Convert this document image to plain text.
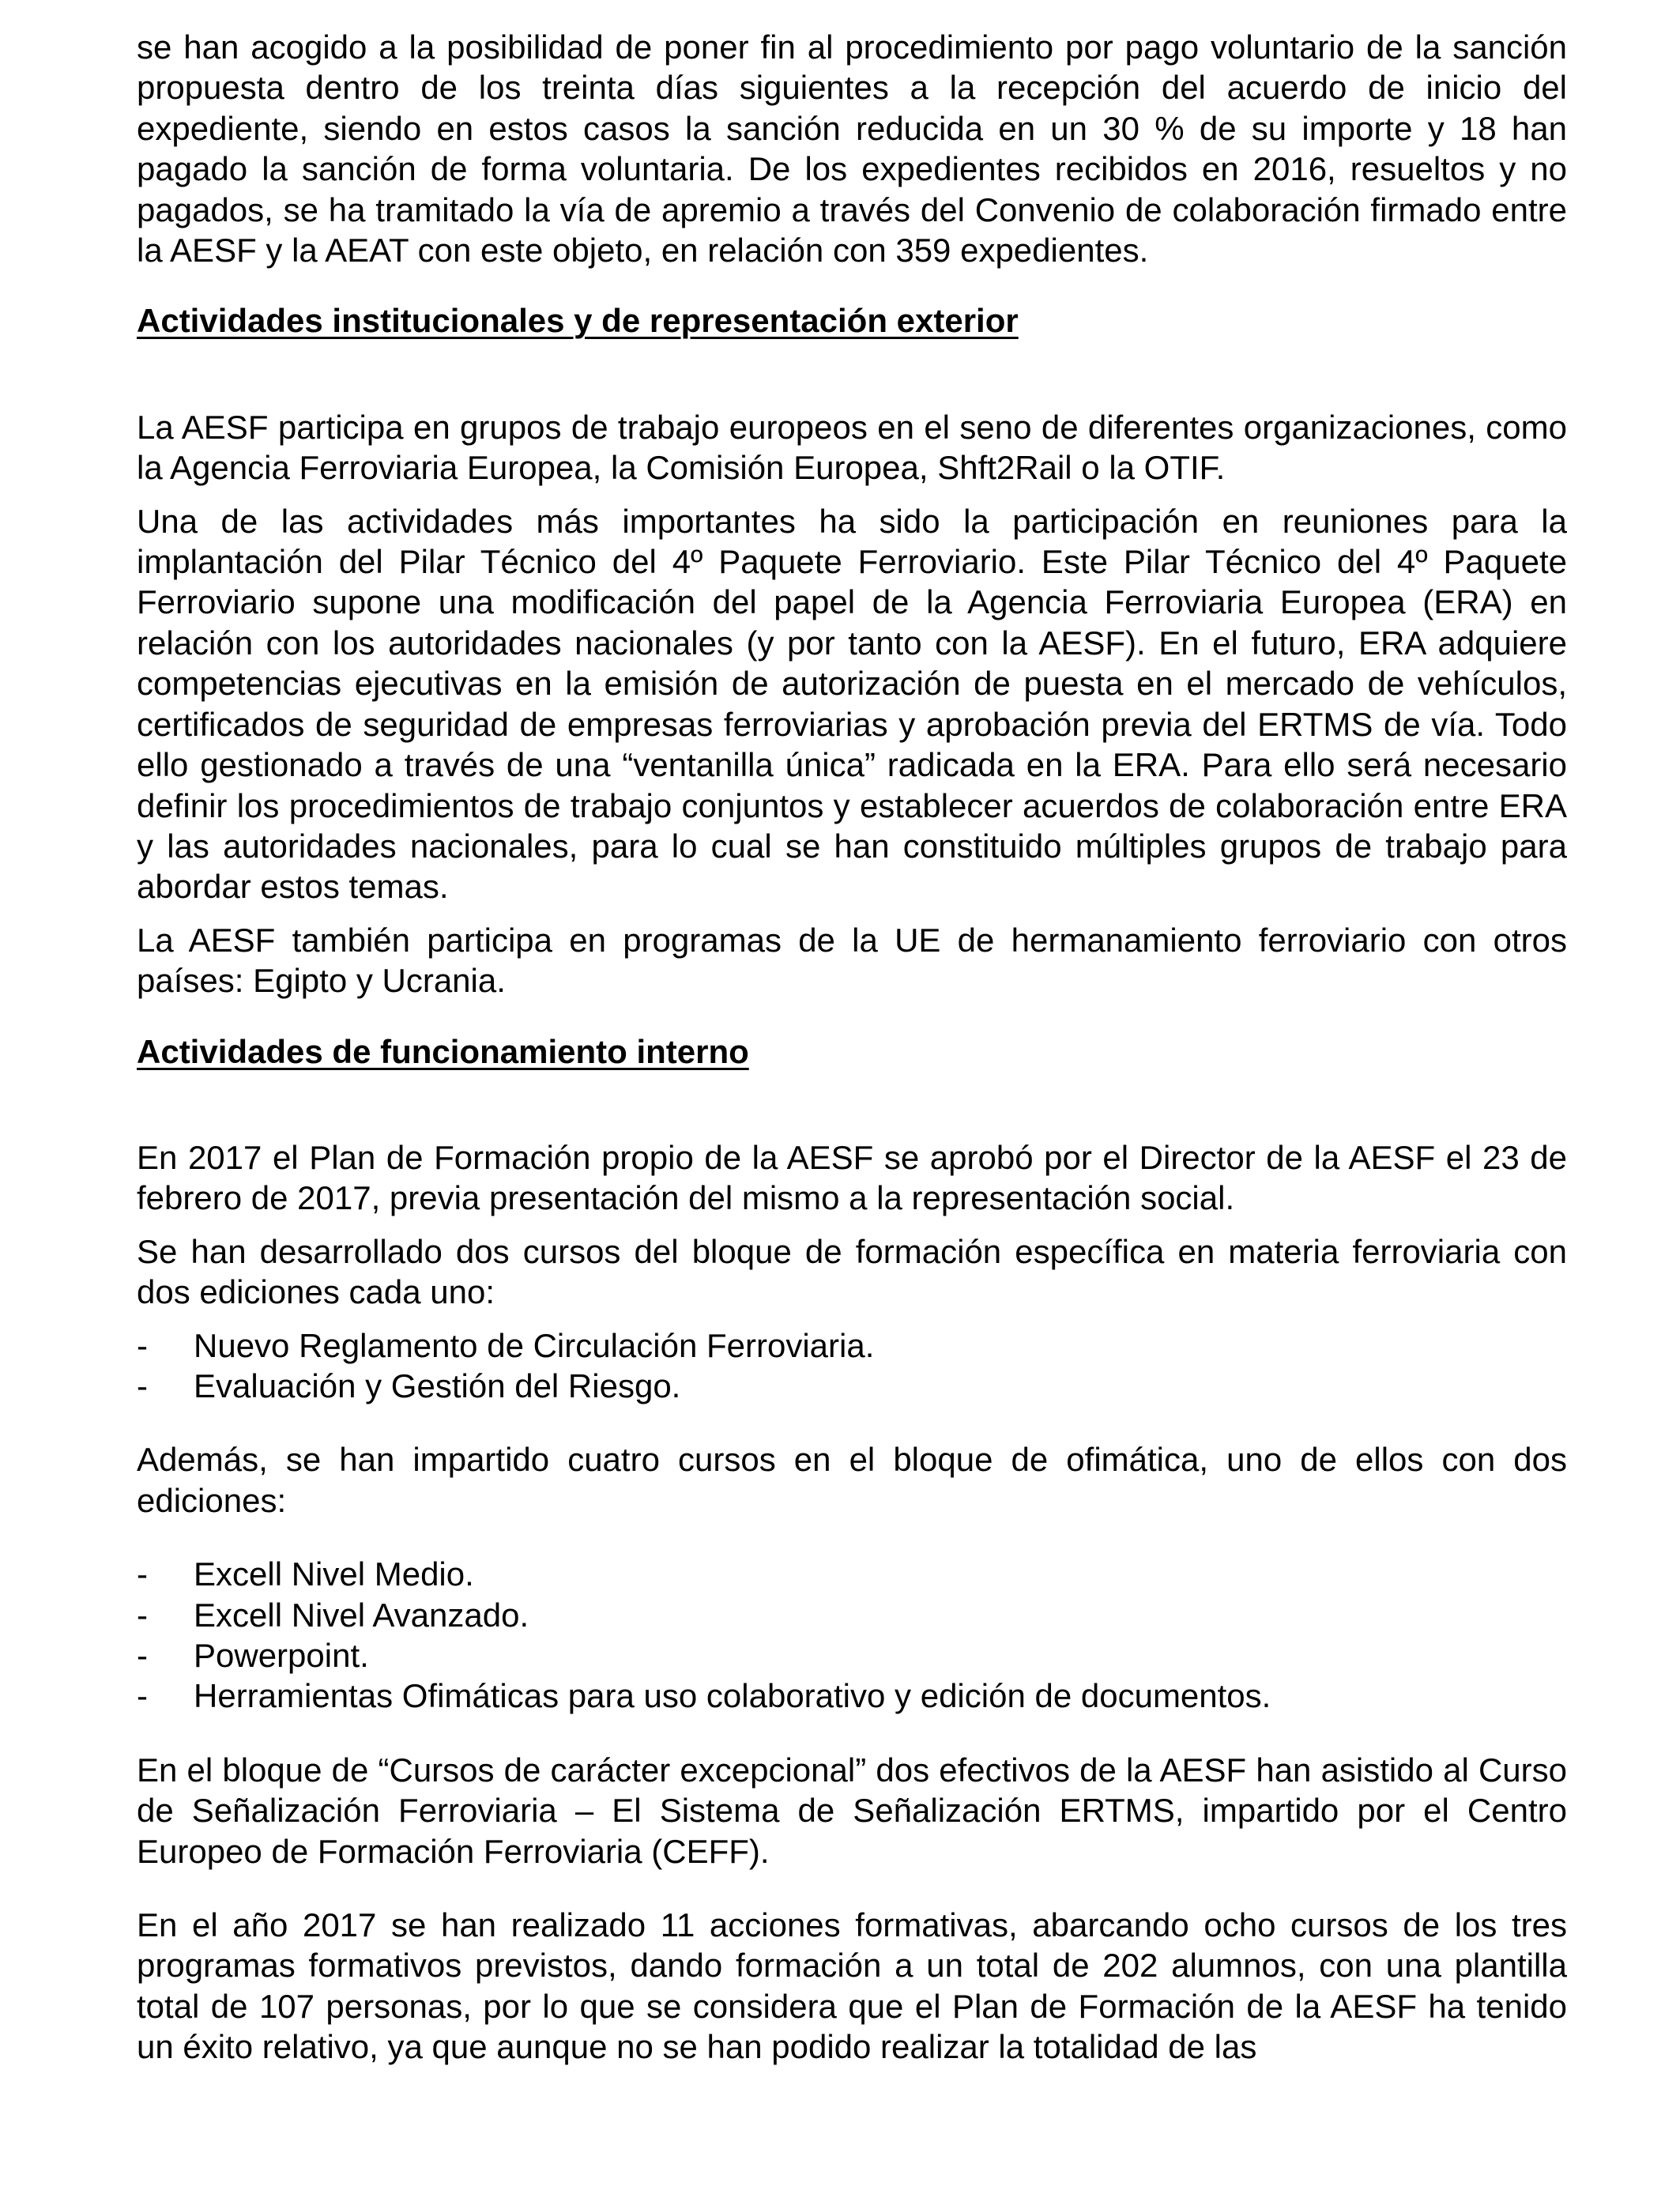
se han acogido a la posibilidad de poner fin al procedimiento por pago voluntario de la sanción propuesta dentro de los treinta días siguientes a la recepción del acuerdo de inicio del expediente, siendo en estos casos la sanción reducida en un 30 % de su importe y 18 han pagado la sanción de forma voluntaria. De los expedientes recibidos en 2016, resueltos y no pagados, se ha tramitado la vía de apremio a través del Convenio de colaboración firmado entre la AESF y la AEAT con este objeto, en relación con 359 expedientes.

Actividades institucionales y de representación exterior

La AESF participa en grupos de trabajo europeos en el seno de diferentes organizaciones, como la Agencia Ferroviaria Europea, la Comisión Europea, Shft2Rail o la OTIF.

Una de las actividades más importantes ha sido la participación en reuniones para la implantación del Pilar Técnico del 4º Paquete Ferroviario. Este Pilar Técnico del 4º Paquete Ferroviario supone una modificación del papel de la Agencia Ferroviaria Europea (ERA) en relación con los autoridades nacionales (y por tanto con la AESF). En el futuro, ERA adquiere competencias ejecutivas en la emisión de autorización de puesta en el mercado de vehículos, certificados de seguridad de empresas ferroviarias y aprobación previa del ERTMS de vía. Todo ello gestionado a través de una “ventanilla única” radicada en la ERA. Para ello será necesario definir los procedimientos de trabajo conjuntos y establecer acuerdos de colaboración entre ERA y las autoridades nacionales, para lo cual se han constituido múltiples grupos de trabajo para abordar estos temas.

La AESF también participa en programas de la UE de hermanamiento ferroviario con otros países: Egipto y Ucrania.

Actividades de funcionamiento interno

En 2017 el Plan de Formación propio de la AESF se aprobó por el Director de la AESF el 23 de febrero de 2017, previa presentación del mismo a la representación social.

Se han desarrollado dos cursos del bloque de formación específica en materia ferroviaria con dos ediciones cada uno:

- Nuevo Reglamento de Circulación Ferroviaria.
- Evaluación y Gestión del Riesgo.

Además, se han impartido cuatro cursos en el bloque de ofimática, uno de ellos con dos ediciones:

- Excell Nivel Medio.
- Excell Nivel Avanzado.
- Powerpoint.
- Herramientas Ofimáticas para uso colaborativo y edición de documentos.

En el bloque de “Cursos de carácter excepcional” dos efectivos de la AESF han asistido al Curso de Señalización Ferroviaria – El Sistema de Señalización ERTMS, impartido por el Centro Europeo de Formación Ferroviaria (CEFF).

En el año 2017 se han realizado 11 acciones formativas, abarcando ocho cursos de los tres programas formativos previstos, dando formación a un total de 202 alumnos, con una plantilla total de 107 personas, por lo que se considera que el Plan de Formación de la AESF ha tenido un éxito relativo, ya que aunque no se han podido realizar la totalidad de las
